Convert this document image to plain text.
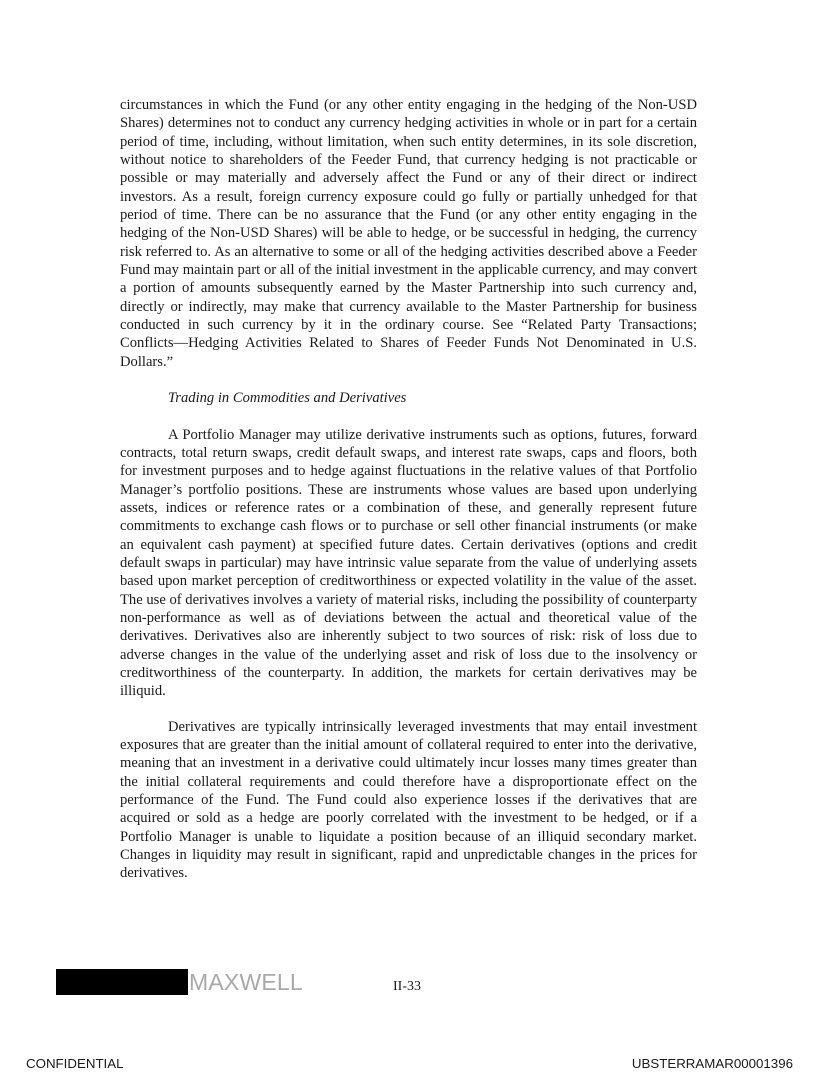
circumstances in which the Fund (or any other entity engaging in the hedging of the Non-USD Shares) determines not to conduct any currency hedging activities in whole or in part for a certain period of time, including, without limitation, when such entity determines, in its sole discretion, without notice to shareholders of the Feeder Fund, that currency hedging is not practicable or possible or may materially and adversely affect the Fund or any of their direct or indirect investors. As a result, foreign currency exposure could go fully or partially unhedged for that period of time. There can be no assurance that the Fund (or any other entity engaging in the hedging of the Non-USD Shares) will be able to hedge, or be successful in hedging, the currency risk referred to. As an alternative to some or all of the hedging activities described above a Feeder Fund may maintain part or all of the initial investment in the applicable currency, and may convert a portion of amounts subsequently earned by the Master Partnership into such currency and, directly or indirectly, may make that currency available to the Master Partnership for business conducted in such currency by it in the ordinary course. See “Related Party Transactions; Conflicts—Hedging Activities Related to Shares of Feeder Funds Not Denominated in U.S. Dollars.”

Trading in Commodities and Derivatives

A Portfolio Manager may utilize derivative instruments such as options, futures, forward contracts, total return swaps, credit default swaps, and interest rate swaps, caps and floors, both for investment purposes and to hedge against fluctuations in the relative values of that Portfolio Manager’s portfolio positions. These are instruments whose values are based upon underlying assets, indices or reference rates or a combination of these, and generally represent future commitments to exchange cash flows or to purchase or sell other financial instruments (or make an equivalent cash payment) at specified future dates. Certain derivatives (options and credit default swaps in particular) may have intrinsic value separate from the value of underlying assets based upon market perception of creditworthiness or expected volatility in the value of the asset. The use of derivatives involves a variety of material risks, including the possibility of counterparty non-performance as well as of deviations between the actual and theoretical value of the derivatives. Derivatives also are inherently subject to two sources of risk: risk of loss due to adverse changes in the value of the underlying asset and risk of loss due to the insolvency or creditworthiness of the counterparty. In addition, the markets for certain derivatives may be illiquid.

Derivatives are typically intrinsically leveraged investments that may entail investment exposures that are greater than the initial amount of collateral required to enter into the derivative, meaning that an investment in a derivative could ultimately incur losses many times greater than the initial collateral requirements and could therefore have a disproportionate effect on the performance of the Fund. The Fund could also experience losses if the derivatives that are acquired or sold as a hedge are poorly correlated with the investment to be hedged, or if a Portfolio Manager is unable to liquidate a position because of an illiquid secondary market. Changes in liquidity may result in significant, rapid and unpredictable changes in the prices for derivatives.

MAXWELL	II-33
CONFIDENTIAL	UBSTERRAMAR00001396
